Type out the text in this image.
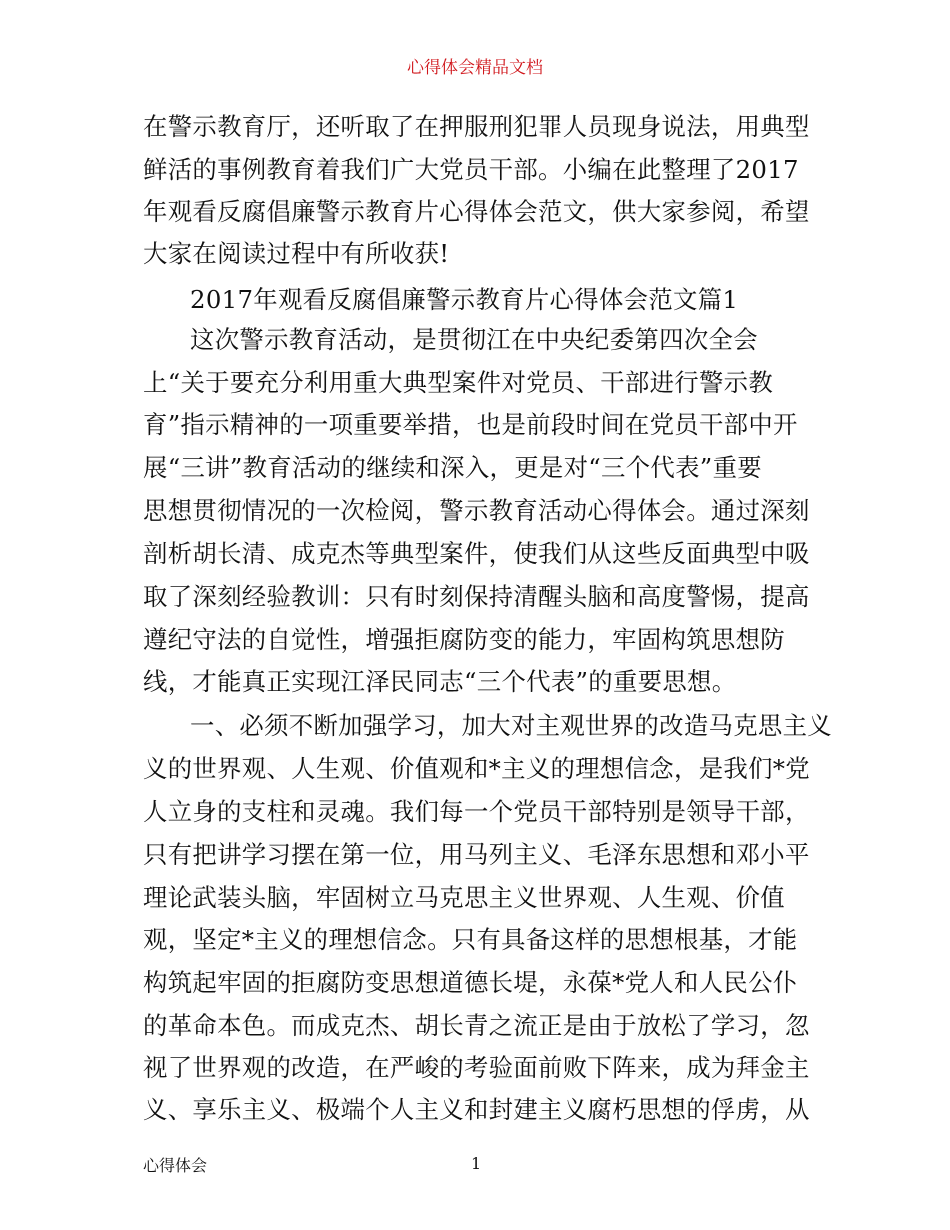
心得体会精品文档
在警示教育厅，还听取了在押服刑犯罪人员现身说法，用典型
鲜活的事例教育着我们广大党员干部。小编在此整理了2017
年观看反腐倡廉警示教育片心得体会范文，供大家参阅，希望
大家在阅读过程中有所收获!
2017年观看反腐倡廉警示教育片心得体会范文篇1
这次警示教育活动，是贯彻江在中央纪委第四次全会
上“关于要充分利用重大典型案件对党员、干部进行警示教
育”指示精神的一项重要举措，也是前段时间在党员干部中开
展“三讲”教育活动的继续和深入，更是对“三个代表”重要
思想贯彻情况的一次检阅，警示教育活动心得体会。通过深刻
剖析胡长清、成克杰等典型案件，使我们从这些反面典型中吸
取了深刻经验教训：只有时刻保持清醒头脑和高度警惕，提高
遵纪守法的自觉性，增强拒腐防变的能力，牢固构筑思想防
线，才能真正实现江泽民同志“三个代表”的重要思想。
一、必须不断加强学习，加大对主观世界的改造马克思主义
义的世界观、人生观、价值观和*主义的理想信念，是我们*党
人立身的支柱和灵魂。我们每一个党员干部特别是领导干部，
只有把讲学习摆在第一位，用马列主义、毛泽东思想和邓小平
理论武装头脑，牢固树立马克思主义世界观、人生观、价值
观，坚定*主义的理想信念。只有具备这样的思想根基，才能
构筑起牢固的拒腐防变思想道德长堤，永葆*党人和人民公仆
的革命本色。而成克杰、胡长青之流正是由于放松了学习，忽
视了世界观的改造，在严峻的考验面前败下阵来，成为拜金主
义、享乐主义、极端个人主义和封建主义腐朽思想的俘虏，从
心得体会	1
